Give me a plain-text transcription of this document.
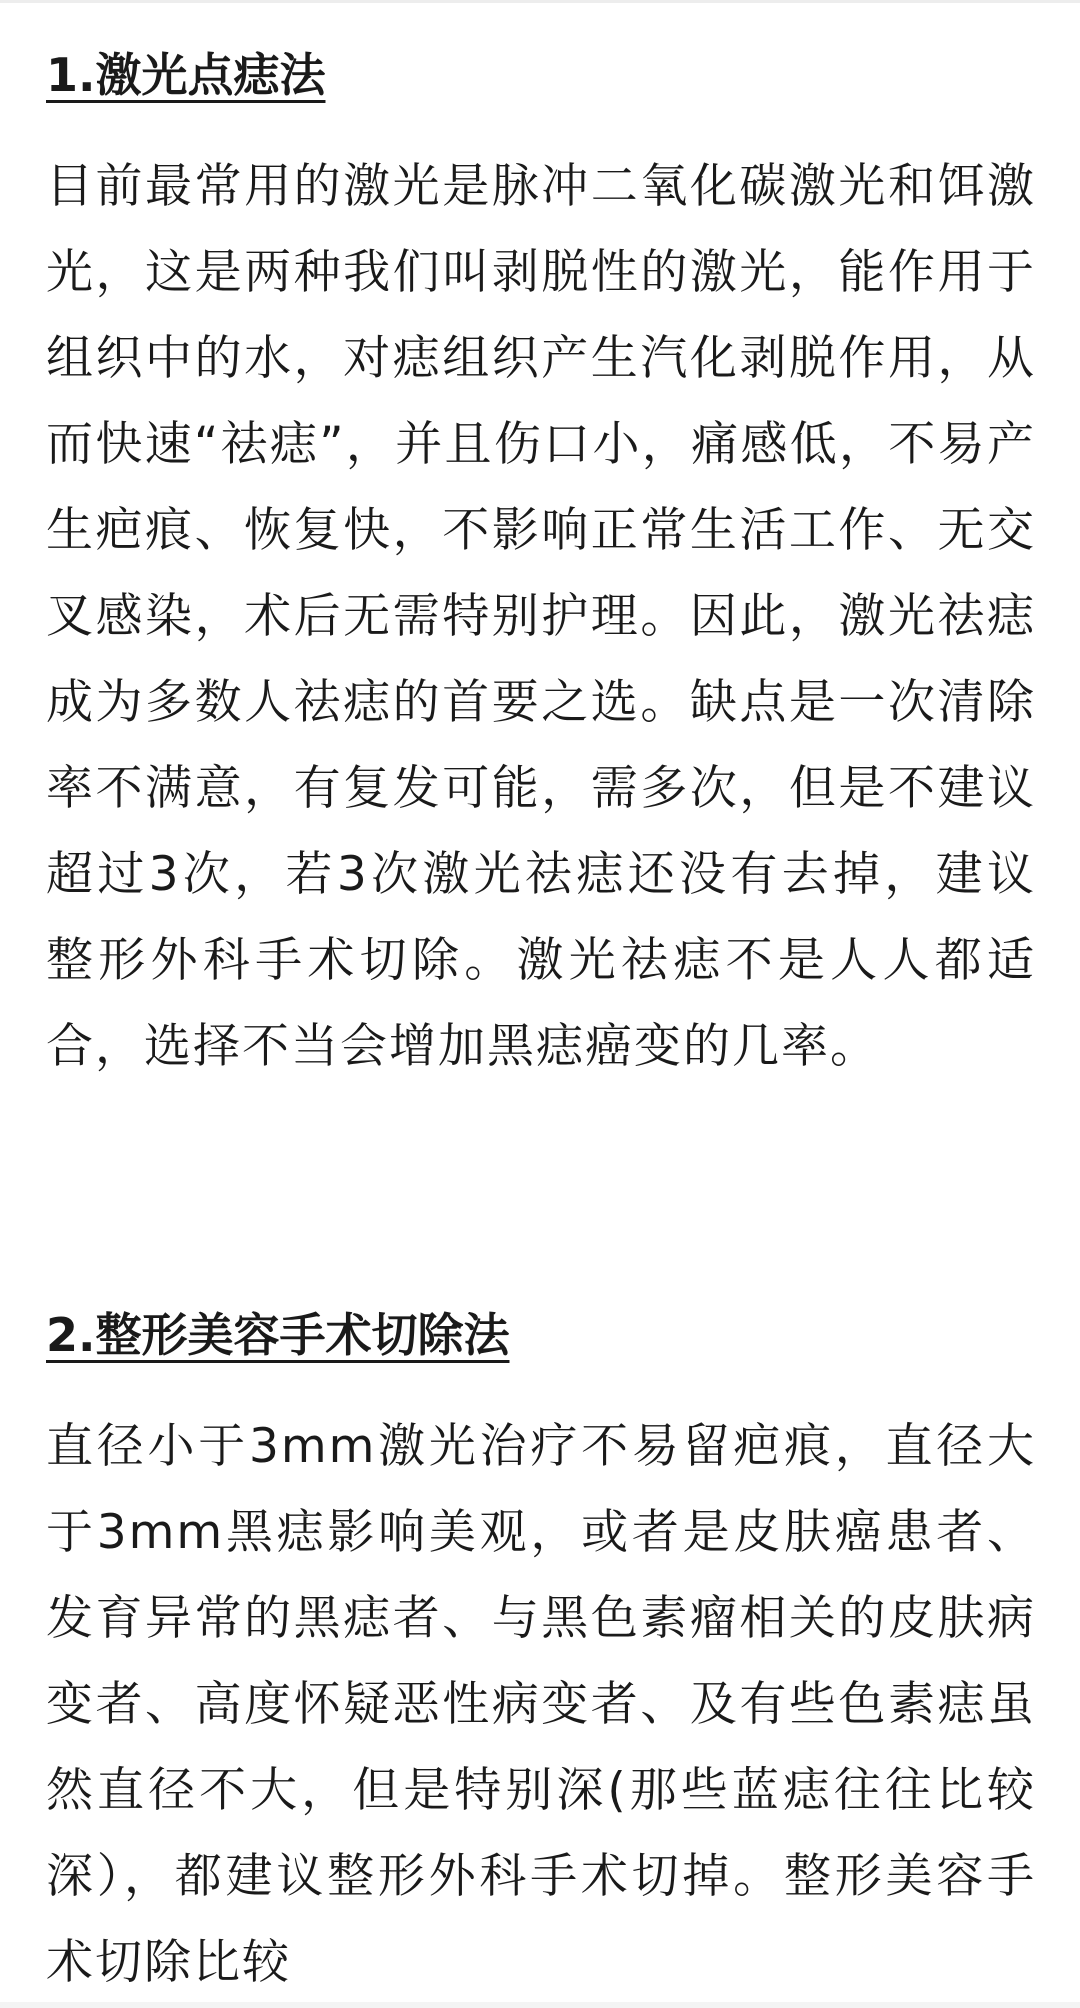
1.激光点痣法

目前最常用的激光是脉冲二氧化碳激光和饵激光，这是两种我们叫剥脱性的激光，能作用于组织中的水，对痣组织产生汽化剥脱作用，从而快速“祛痣”，并且伤口小，痛感低，不易产生疤痕、恢复快，不影响正常生活工作、无交叉感染，术后无需特别护理。因此，激光祛痣成为多数人祛痣的首要之选。缺点是一次清除率不满意，有复发可能，需多次，但是不建议超过3次，若3次激光祛痣还没有去掉，建议整形外科手术切除。激光祛痣不是人人都适合，选择不当会增加黑痣癌变的几率。

2.整形美容手术切除法

直径小于3mm激光治疗不易留疤痕，直径大于3mm黑痣影响美观，或者是皮肤癌患者、发育异常的黑痣者、与黑色素瘤相关的皮肤病变者、高度怀疑恶性病变者、及有些色素痣虽然直径不大，但是特别深(那些蓝痣往往比较深），都建议整形外科手术切掉。整形美容手术切除比较
